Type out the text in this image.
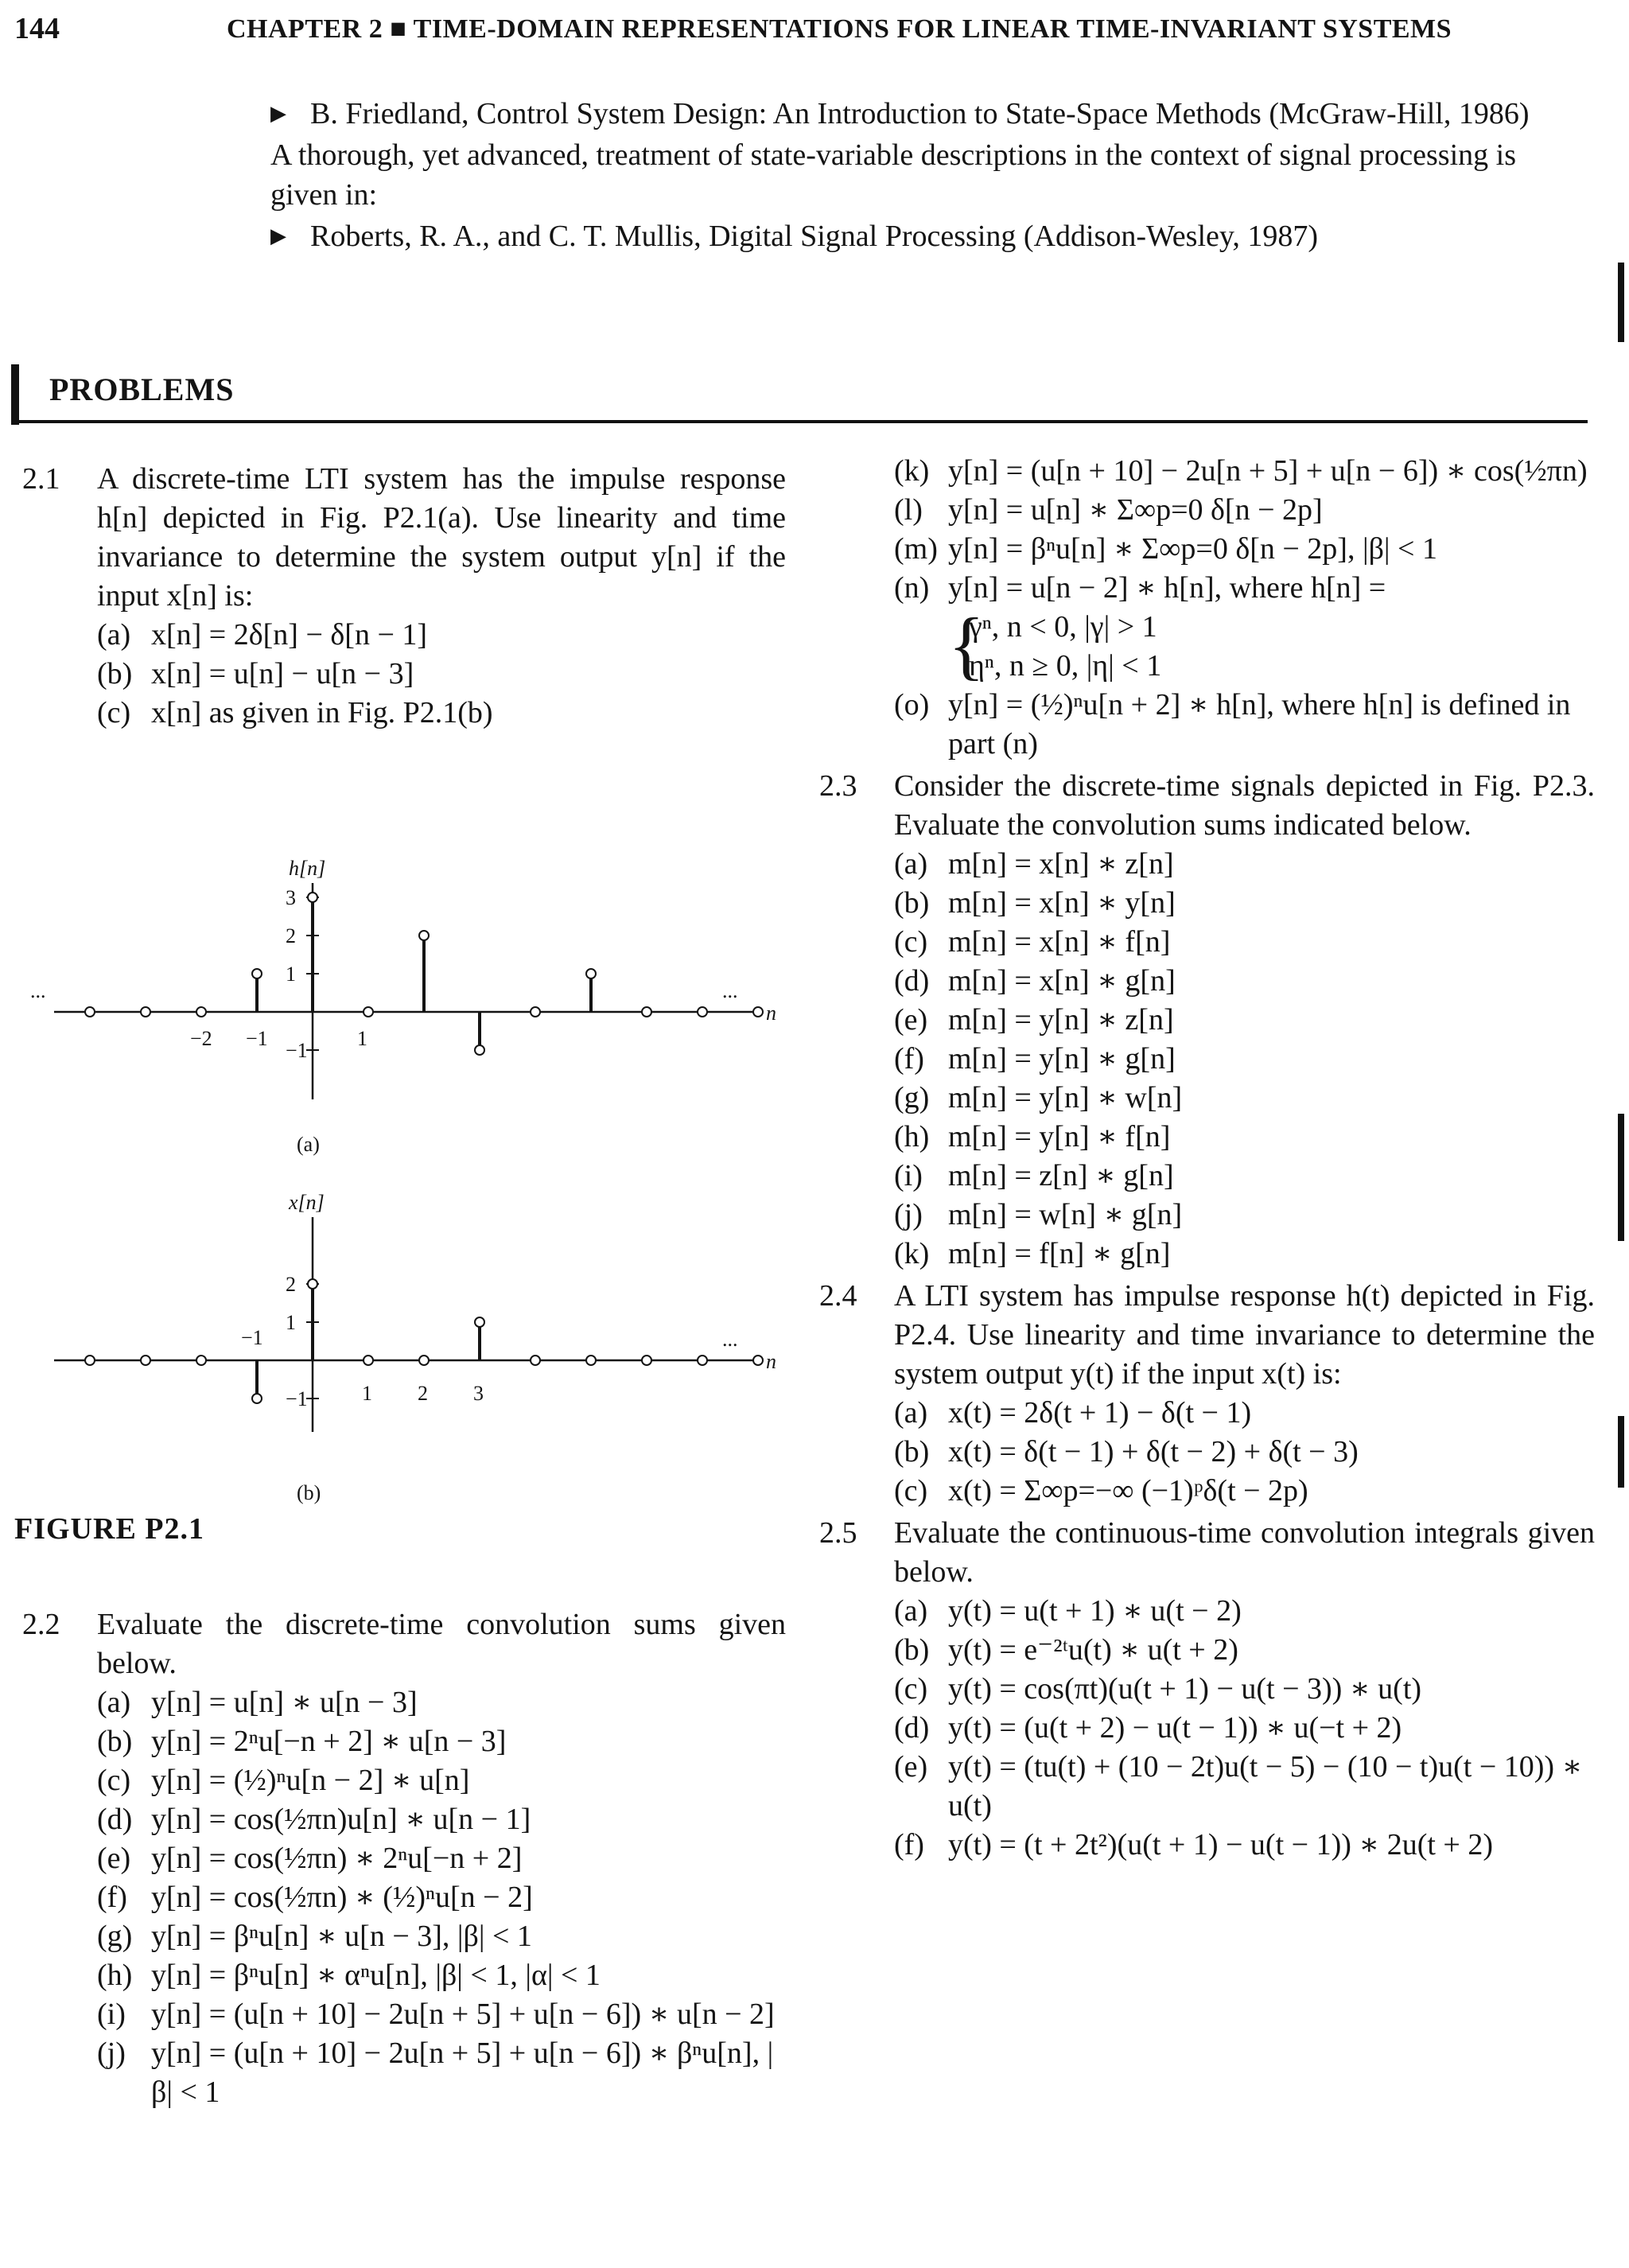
144	CHAPTER 2 ■ TIME-DOMAIN REPRESENTATIONS FOR LINEAR TIME-INVARIANT SYSTEMS
▶ B. Friedland, Control System Design: An Introduction to State-Space Methods (McGraw-Hill, 1986)
A thorough, yet advanced, treatment of state-variable descriptions in the context of signal processing is given in:
▶ Roberts, R. A., and C. T. Mullis, Digital Signal Processing (Addison-Wesley, 1987)
PROBLEMS
2.1 A discrete-time LTI system has the impulse response h[n] depicted in Fig. P2.1(a). Use linearity and time invariance to determine the system output y[n] if the input x[n] is:
(a) x[n] = 2δ[n] − δ[n − 1]
(b) x[n] = u[n] − u[n − 3]
(c) x[n] as given in Fig. P2.1(b)
h[n]
n
...	...
3
2
1
−1
−2 −1	1
(a)
x[n]
n
...
2
1
−1
−1
1 2 3
(b)
FIGURE P2.1
2.2 Evaluate the discrete-time convolution sums given below.
(a) y[n] = u[n] ∗ u[n − 3]
(b) y[n] = 2ⁿu[−n + 2] ∗ u[n − 3]
(c) y[n] = (½)ⁿu[n − 2] ∗ u[n]
(d) y[n] = cos(½πn)u[n] ∗ u[n − 1]
(e) y[n] = cos(½πn) ∗ 2ⁿu[−n + 2]
(f) y[n] = cos(½πn) ∗ (½)ⁿu[n − 2]
(g) y[n] = βⁿu[n] ∗ u[n − 3], |β| < 1
(h) y[n] = βⁿu[n] ∗ αⁿu[n], |β| < 1, |α| < 1
(i) y[n] = (u[n + 10] − 2u[n + 5] + u[n − 6]) ∗ u[n − 2]
(j) y[n] = (u[n + 10] − 2u[n + 5] + u[n − 6]) ∗ βⁿu[n], |β| < 1
(k) y[n] = (u[n + 10] − 2u[n + 5] + u[n − 6]) ∗ cos(½πn)
(l) y[n] = u[n] ∗ Σ∞p=0 δ[n − 2p]
(m) y[n] = βⁿu[n] ∗ Σ∞p=0 δ[n − 2p], |β| < 1
(n) y[n] = u[n − 2] ∗ h[n], where h[n] =
{
γⁿ, n < 0, |γ| > 1
ηⁿ, n ≥ 0, |η| < 1
(o) y[n] = (½)ⁿu[n + 2] ∗ h[n], where h[n] is defined in part (n)
2.3 Consider the discrete-time signals depicted in Fig. P2.3. Evaluate the convolution sums indicated below.
(a) m[n] = x[n] ∗ z[n]
(b) m[n] = x[n] ∗ y[n]
(c) m[n] = x[n] ∗ f[n]
(d) m[n] = x[n] ∗ g[n]
(e) m[n] = y[n] ∗ z[n]
(f) m[n] = y[n] ∗ g[n]
(g) m[n] = y[n] ∗ w[n]
(h) m[n] = y[n] ∗ f[n]
(i) m[n] = z[n] ∗ g[n]
(j) m[n] = w[n] ∗ g[n]
(k) m[n] = f[n] ∗ g[n]
2.4 A LTI system has impulse response h(t) depicted in Fig. P2.4. Use linearity and time invariance to determine the system output y(t) if the input x(t) is:
(a) x(t) = 2δ(t + 1) − δ(t − 1)
(b) x(t) = δ(t − 1) + δ(t − 2) + δ(t − 3)
(c) x(t) = Σ∞p=−∞ (−1)ᵖδ(t − 2p)
2.5 Evaluate the continuous-time convolution integrals given below.
(a) y(t) = u(t + 1) ∗ u(t − 2)
(b) y(t) = e⁻²ᵗu(t) ∗ u(t + 2)
(c) y(t) = cos(πt)(u(t + 1) − u(t − 3)) ∗ u(t)
(d) y(t) = (u(t + 2) − u(t − 1)) ∗ u(−t + 2)
(e) y(t) = (tu(t) + (10 − 2t)u(t − 5) − (10 − t)u(t − 10)) ∗ u(t)
(f) y(t) = (t + 2t²)(u(t + 1) − u(t − 1)) ∗ 2u(t + 2)
